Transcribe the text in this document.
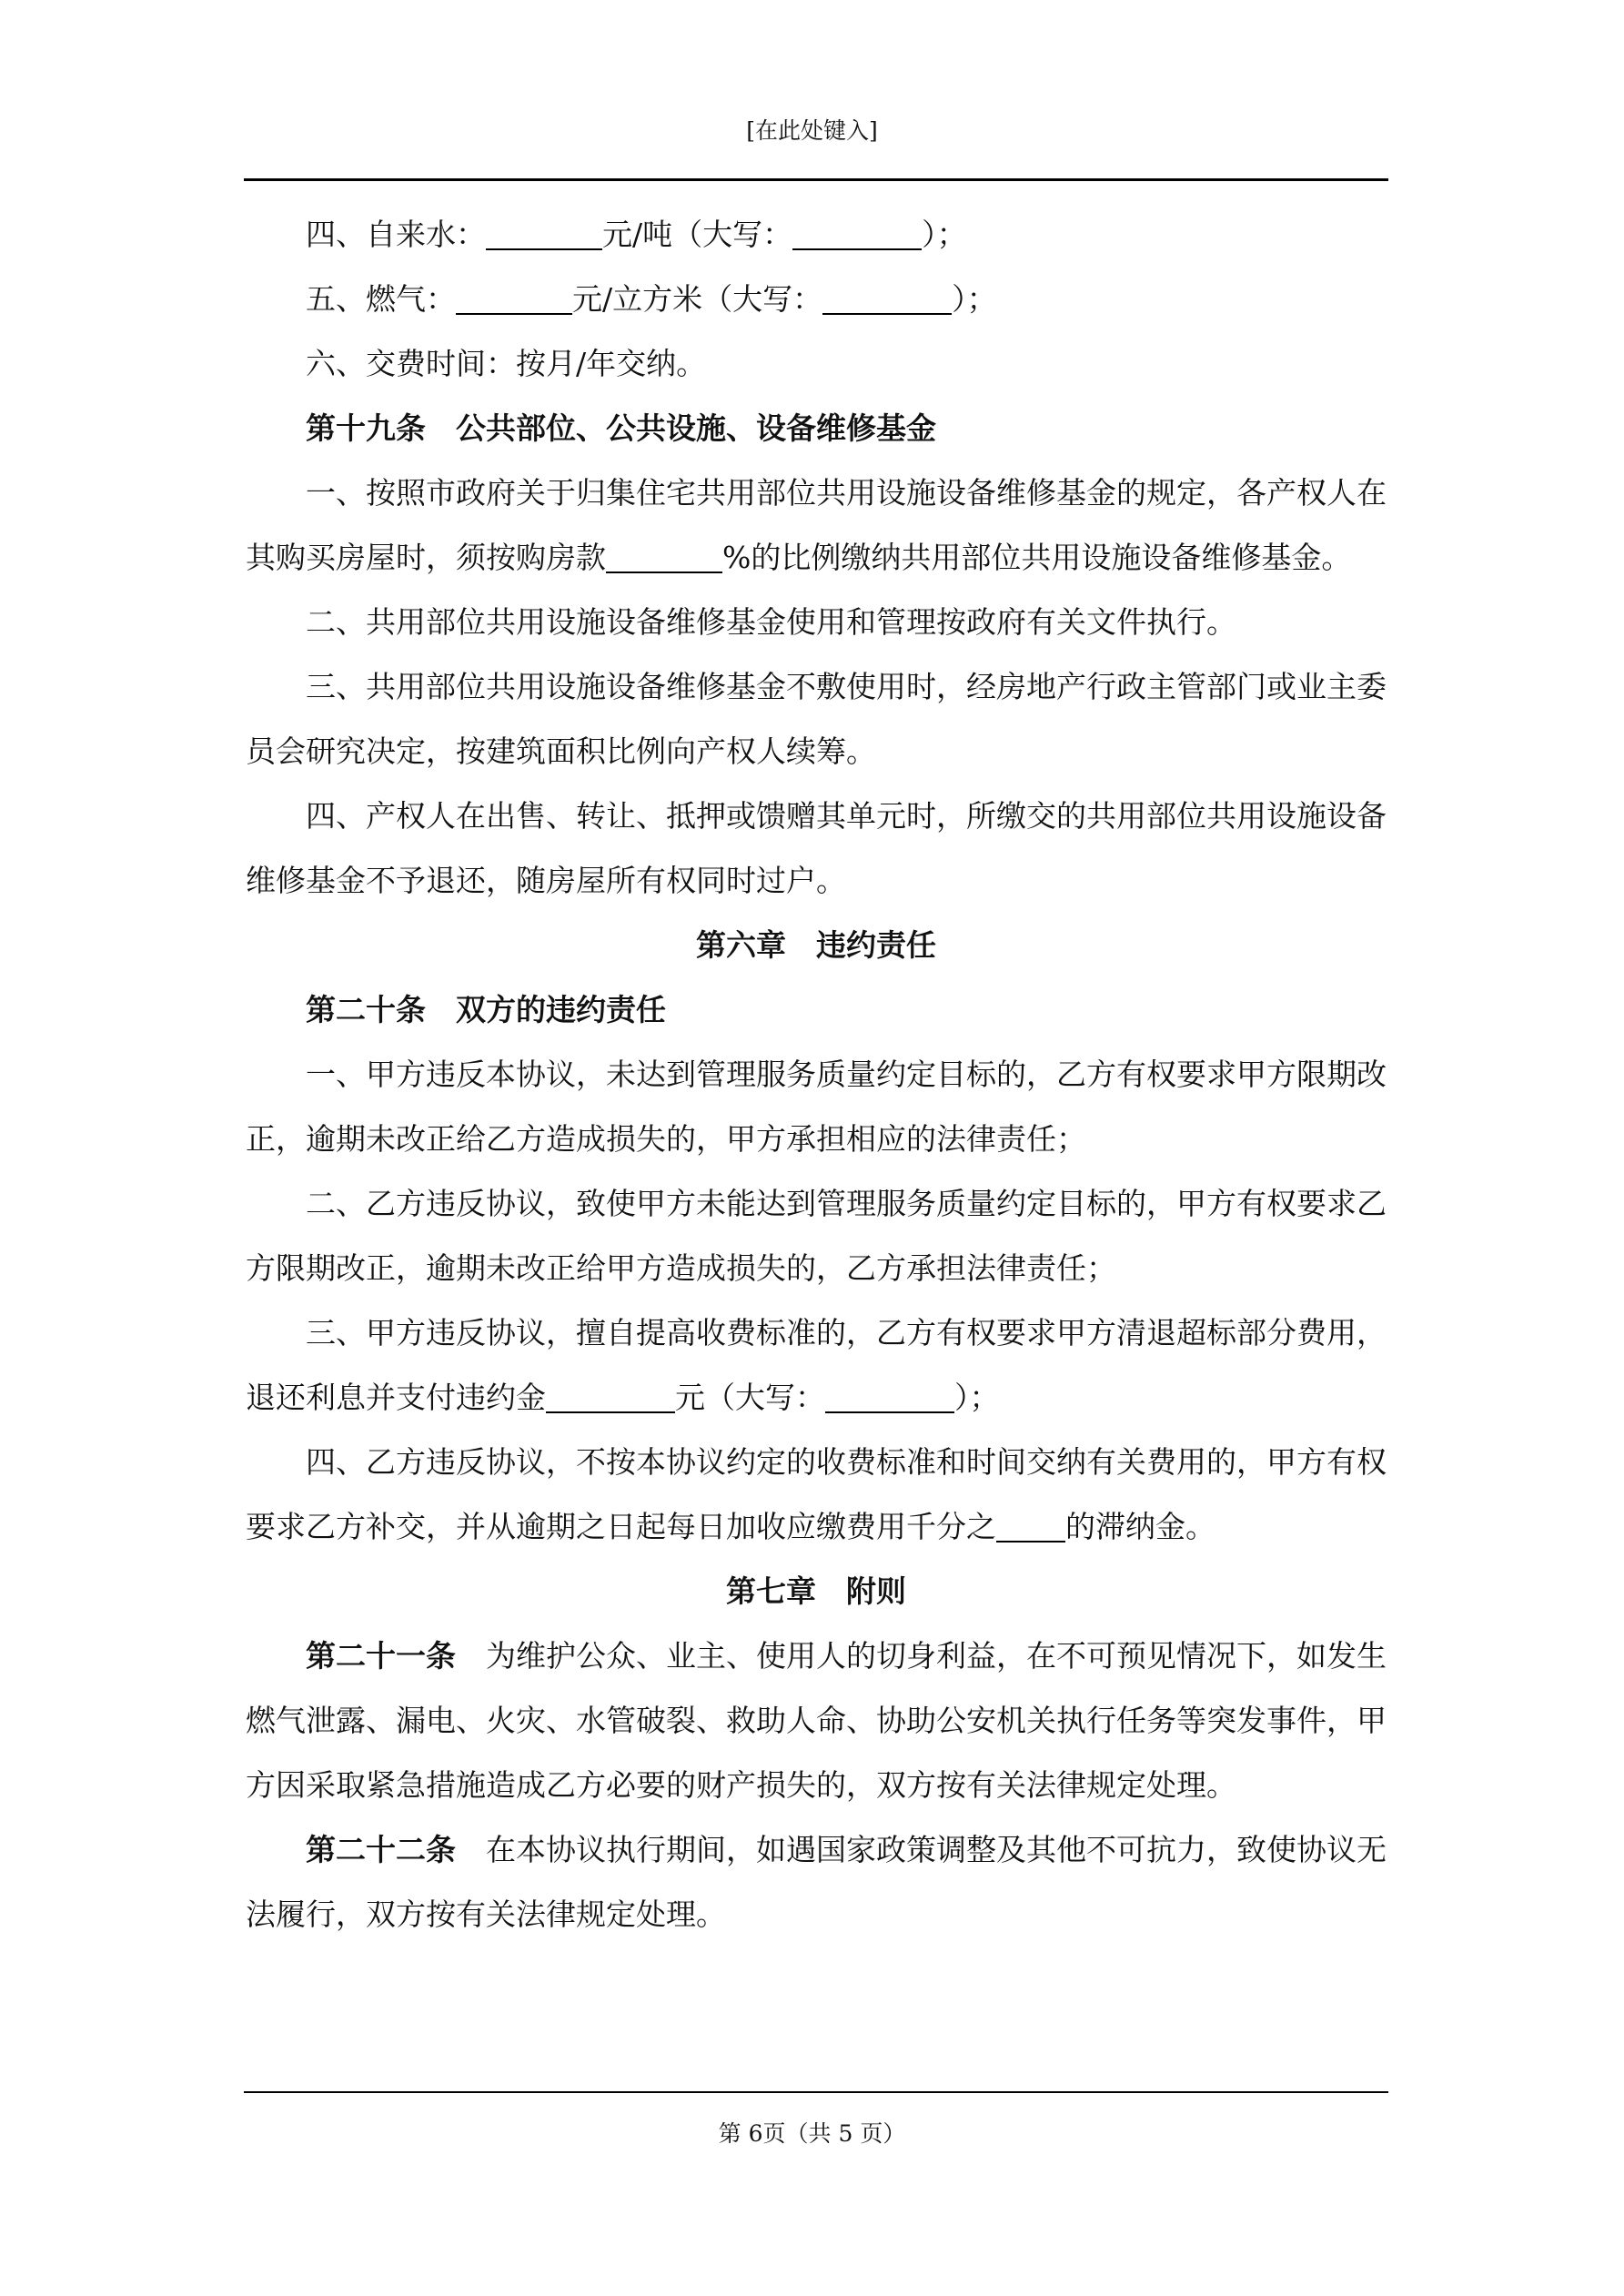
[在此处键入]

四、自来水：	元/吨（大写：	）；

五、燃气：	元/立方米（大写：	）；

六、交费时间：按月/年交纳。

第十九条　公共部位、公共设施、设备维修基金

一、按照市政府关于归集住宅共用部位共用设施设备维修基金的规定，各产权人在其购买房屋时，须按购房款	%的比例缴纳共用部位共用设施设备维修基金。

二、共用部位共用设施设备维修基金使用和管理按政府有关文件执行。

三、共用部位共用设施设备维修基金不敷使用时，经房地产行政主管部门或业主委员会研究决定，按建筑面积比例向产权人续筹。

四、产权人在出售、转让、抵押或馈赠其单元时，所缴交的共用部位共用设施设备维修基金不予退还，随房屋所有权同时过户。

第六章　违约责任

第二十条　双方的违约责任

一、甲方违反本协议，未达到管理服务质量约定目标的，乙方有权要求甲方限期改正，逾期未改正给乙方造成损失的，甲方承担相应的法律责任；

二、乙方违反协议，致使甲方未能达到管理服务质量约定目标的，甲方有权要求乙方限期改正，逾期未改正给甲方造成损失的，乙方承担法律责任；

三、甲方违反协议，擅自提高收费标准的，乙方有权要求甲方清退超标部分费用，退还利息并支付违约金	元（大写：	）；

四、乙方违反协议，不按本协议约定的收费标准和时间交纳有关费用的，甲方有权要求乙方补交，并从逾期之日起每日加收应缴费用千分之 的滞纳金。

第七章　附则

第二十一条　为维护公众、业主、使用人的切身利益，在不可预见情况下，如发生燃气泄露、漏电、火灾、水管破裂、救助人命、协助公安机关执行任务等突发事件，甲方因采取紧急措施造成乙方必要的财产损失的，双方按有关法律规定处理。

第二十二条　在本协议执行期间，如遇国家政策调整及其他不可抗力，致使协议无法履行，双方按有关法律规定处理。

第 6页（共 5 页）
